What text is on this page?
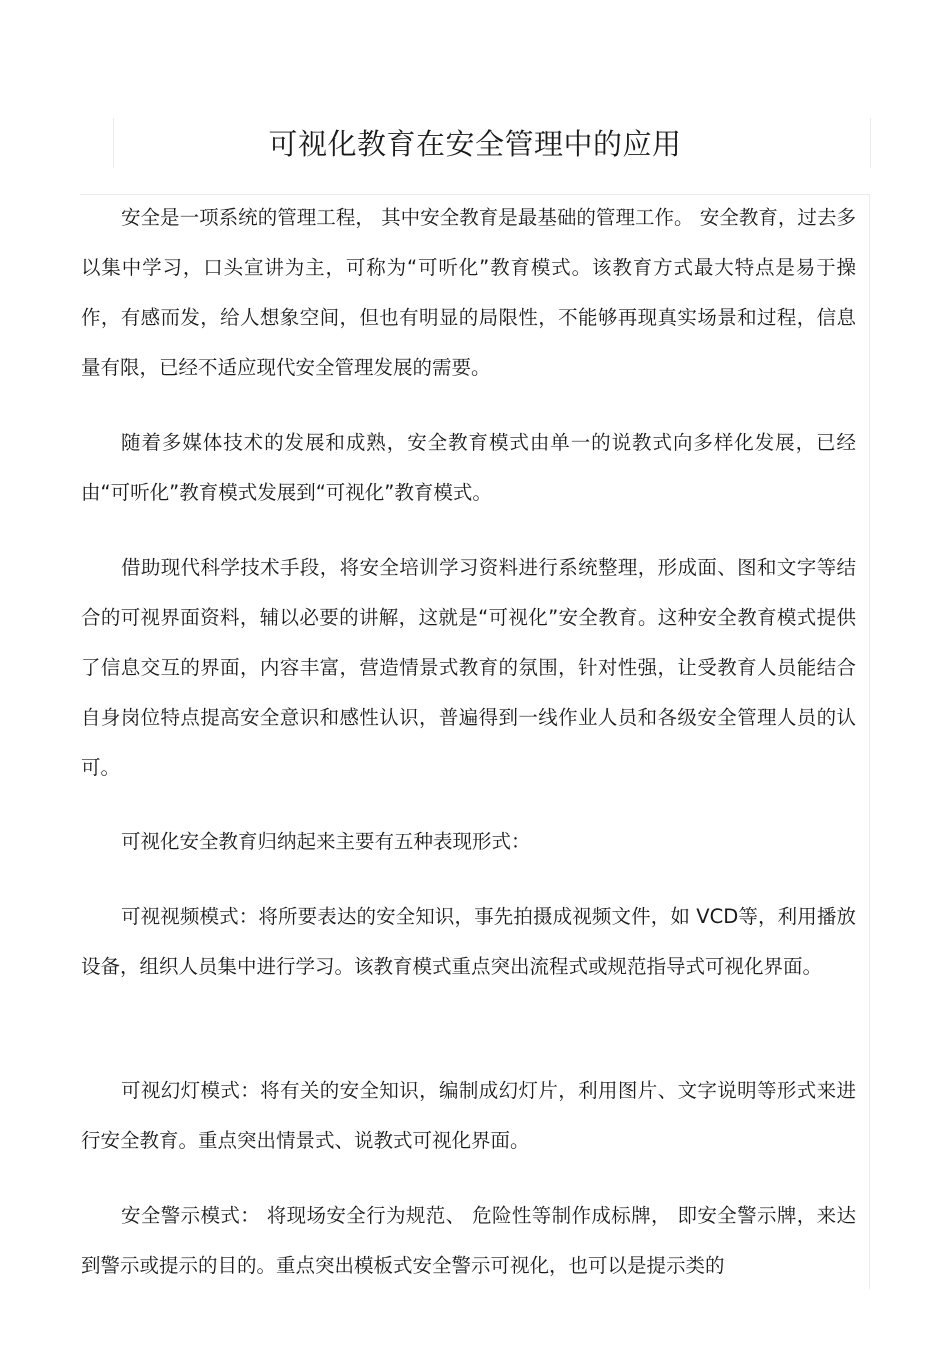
可视化教育在安全管理中的应用

安全是一项系统的管理工程， 其中安全教育是最基础的管理工作。 安全教育，过去多以集中学习，口头宣讲为主，可称为“可听化”教育模式。该教育方式最大特点是易于操作，有感而发，给人想象空间，但也有明显的局限性，不能够再现真实场景和过程，信息量有限，已经不适应现代安全管理发展的需要。

随着多媒体技术的发展和成熟，安全教育模式由单一的说教式向多样化发展，已经由“可听化”教育模式发展到“可视化”教育模式。

借助现代科学技术手段，将安全培训学习资料进行系统整理，形成面、图和文字等结合的可视界面资料，辅以必要的讲解，这就是“可视化”安全教育。这种安全教育模式提供了信息交互的界面，内容丰富，营造情景式教育的氛围，针对性强，让受教育人员能结合自身岗位特点提高安全意识和感性认识，普遍得到一线作业人员和各级安全管理人员的认可。

可视化安全教育归纳起来主要有五种表现形式：

可视视频模式：将所要表达的安全知识，事先拍摄成视频文件，如 VCD等，利用播放设备，组织人员集中进行学习。该教育模式重点突出流程式或规范指导式可视化界面。

可视幻灯模式：将有关的安全知识，编制成幻灯片，利用图片、文字说明等形式来进行安全教育。重点突出情景式、说教式可视化界面。

安全警示模式： 将现场安全行为规范、 危险性等制作成标牌， 即安全警示牌，来达到警示或提示的目的。重点突出模板式安全警示可视化，也可以是提示类的
